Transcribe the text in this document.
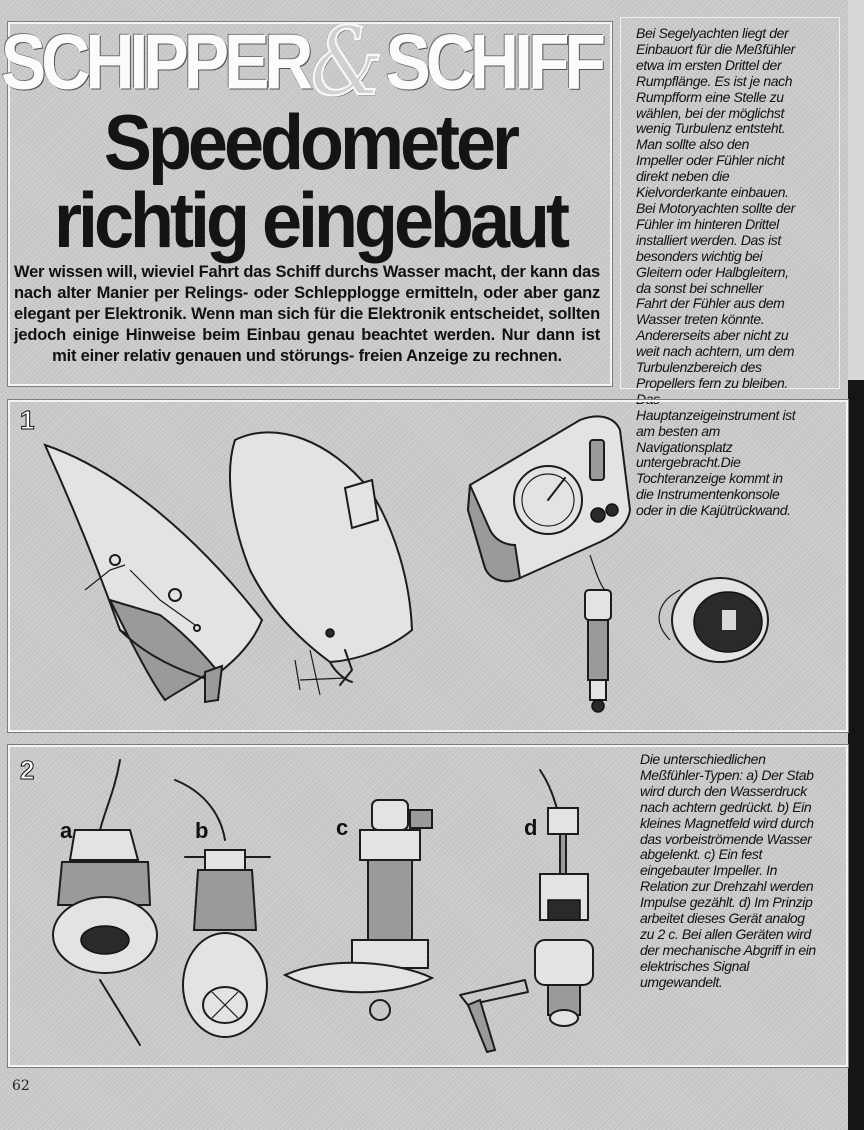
SCHIPPER & SCHIFF
Speedometer
richtig eingebaut
Wer wissen will, wieviel Fahrt das Schiff durchs Wasser macht, der kann das nach alter Manier per Relings- oder Schlepplogge ermitteln, oder aber ganz elegant per Elektronik. Wenn man sich für die Elektronik entscheidet, sollten jedoch einige Hinweise beim Einbau genau beachtet werden. Nur dann ist mit einer relativ genauen und störungs- freien Anzeige zu rechnen.
Bei Segelyachten liegt der Einbauort für die Meßfühler etwa im ersten Drittel der Rumpflänge. Es ist je nach Rumpfform eine Stelle zu wählen, bei der möglichst wenig Turbulenz entsteht. Man sollte also den Impeller oder Fühler nicht direkt neben die Kielvorderkante einbauen. Bei Motoryachten sollte der Fühler im hinteren Drittel installiert werden. Das ist besonders wichtig bei Gleitern oder Halbgleitern, da sonst bei schneller Fahrt der Fühler aus dem Wasser treten könnte. Andererseits aber nicht zu weit nach achtern, um dem Turbulenzbereich des Propellers fern zu bleiben. Das Hauptanzeigeinstrument ist am besten am Navigationsplatz untergebracht.Die Tochteranzeige kommt in die Instrumentenkonsole oder in die Kajütrückwand.
1
2
a	b	c	d
Die unterschiedlichen Meßfühler-Typen: a) Der Stab wird durch den Wasserdruck nach achtern gedrückt. b) Ein kleines Magnetfeld wird durch das vorbeiströmende Wasser abgelenkt. c) Ein fest eingebauter Impeller. In Relation zur Drehzahl werden Impulse gezählt. d) Im Prinzip arbeitet dieses Gerät analog zu 2 c. Bei allen Geräten wird der mechanische Abgriff in ein elektrisches Signal umgewandelt.
62
